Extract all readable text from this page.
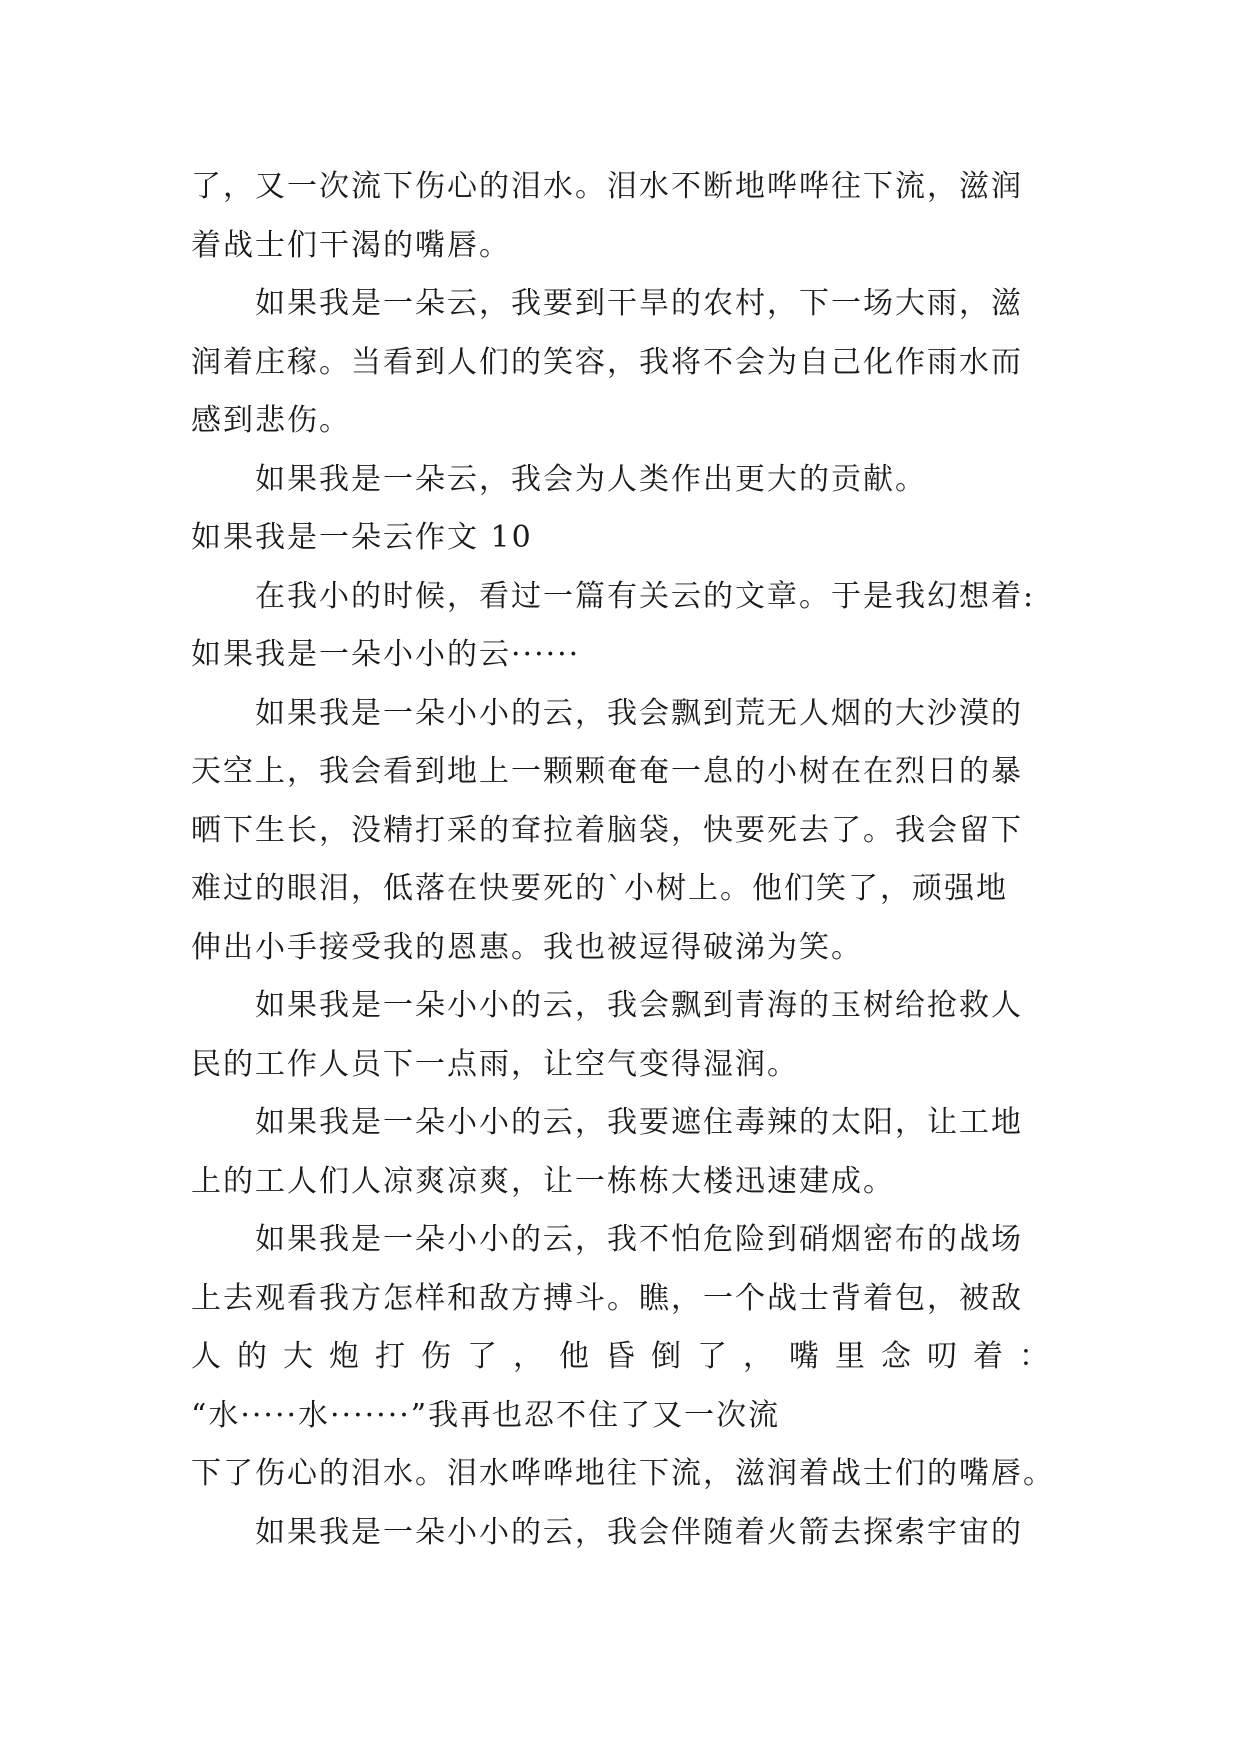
了，又一次流下伤心的泪水。泪水不断地哗哗往下流，滋润
着战士们干渴的嘴唇。
如果我是一朵云，我要到干旱的农村，下一场大雨，滋
润着庄稼。当看到人们的笑容，我将不会为自己化作雨水而
感到悲伤。
如果我是一朵云，我会为人类作出更大的贡献。
如果我是一朵云作文 10
在我小的时候，看过一篇有关云的文章。于是我幻想着:
如果我是一朵小小的云······
如果我是一朵小小的云，我会飘到荒无人烟的大沙漠的
天空上，我会看到地上一颗颗奄奄一息的小树在在烈日的暴
晒下生长，没精打采的耷拉着脑袋，快要死去了。我会留下
难过的眼泪，低落在快要死的`小树上。他们笑了，顽强地
伸出小手接受我的恩惠。我也被逗得破涕为笑。
如果我是一朵小小的云，我会飘到青海的玉树给抢救人
民的工作人员下一点雨，让空气变得湿润。
如果我是一朵小小的云，我要遮住毒辣的太阳，让工地
上的工人们人凉爽凉爽，让一栋栋大楼迅速建成。
如果我是一朵小小的云，我不怕危险到硝烟密布的战场
上去观看我方怎样和敌方搏斗。瞧，一个战士背着包，被敌
人 的 大 炮 打 伤 了 ， 他 昏 倒 了 ， 嘴 里 念 叨 着 ：
“水·····水·······”我再也忍不住了又一次流
下了伤心的泪水。泪水哗哗地往下流，滋润着战士们的嘴唇。
如果我是一朵小小的云，我会伴随着火箭去探索宇宙的
